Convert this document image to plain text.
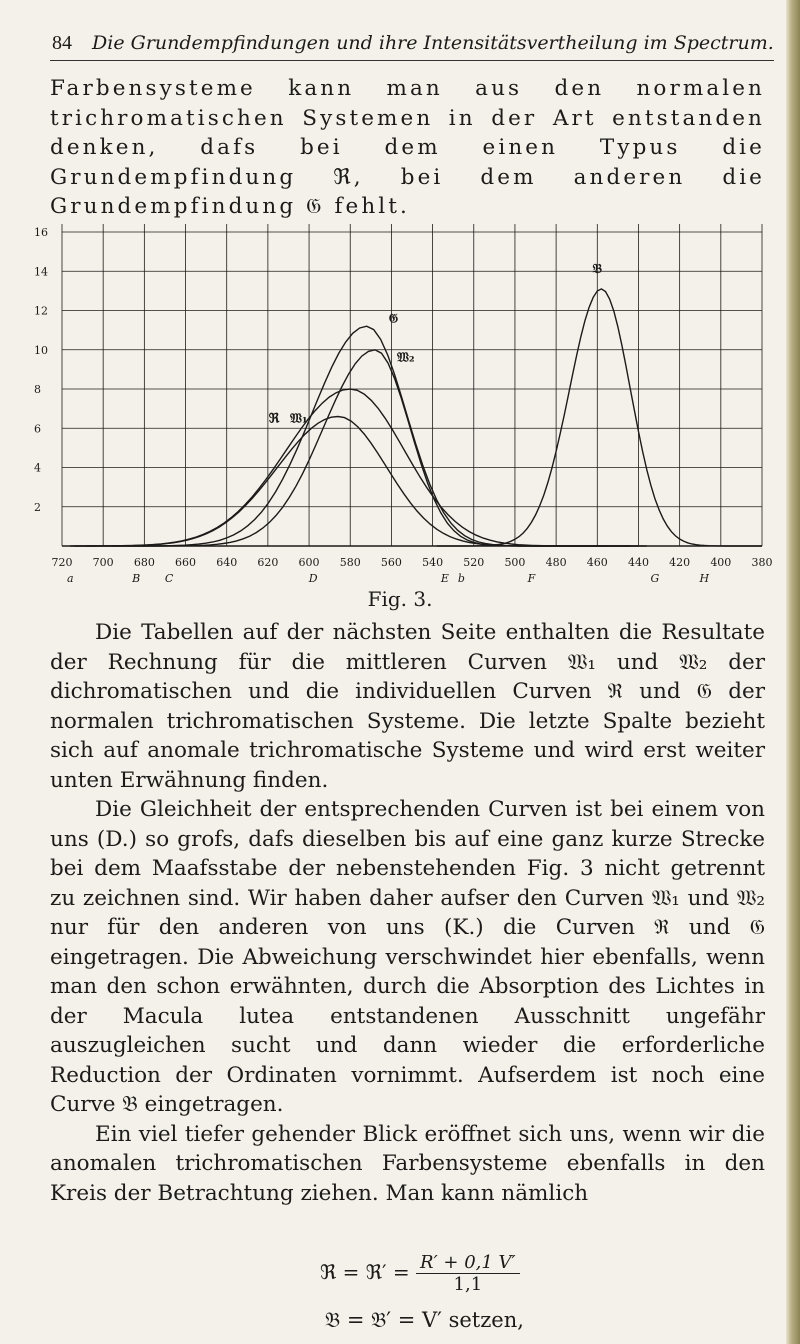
84 Die Grundempfindungen und ihre Intensitätsvertheilung im Spectrum.

Farbensysteme kann man aus den normalen trichromatischen Systemen in der Art entstanden denken, dafs bei dem einen Typus die Grundempfindung ℜ, bei dem anderen die Grundempfindung 𝔊 fehlt.

16
14
12
10
8
6
4
2
720 700 680 660 640 620 600 580 560 540 520 500 480 460 440 420 400 380
a	B C	D	E b	F	G	H
𝔅
𝔊
𝔚₂
ℜ 𝔚₁
Fig. 3.
Die Tabellen auf der nächsten Seite enthalten die Resultate der Rechnung für die mittleren Curven 𝔚₁ und 𝔚₂ der dichromatischen und die individuellen Curven ℜ und 𝔊 der normalen trichromatischen Systeme. Die letzte Spalte bezieht sich auf anomale trichromatische Systeme und wird erst weiter unten Erwähnung finden.
Die Gleichheit der entsprechenden Curven ist bei einem von uns (D.) so grofs, dafs dieselben bis auf eine ganz kurze Strecke bei dem Maafsstabe der nebenstehenden Fig. 3 nicht getrennt zu zeichnen sind. Wir haben daher aufser den Curven 𝔚₁ und 𝔚₂ nur für den anderen von uns (K.) die Curven ℜ und 𝔊 eingetragen. Die Abweichung verschwindet hier ebenfalls, wenn man den schon erwähnten, durch die Absorption des Lichtes in der Macula lutea entstandenen Ausschnitt ungefähr auszugleichen sucht und dann wieder die erforderliche Reduction der Ordinaten vornimmt. Aufserdem ist noch eine Curve 𝔅 eingetragen.
Ein viel tiefer gehender Blick eröffnet sich uns, wenn wir die anomalen trichromatischen Farbensysteme ebenfalls in den Kreis der Betrachtung ziehen. Man kann nämlich
ℜ = ℜ′ = $\frac{R' + 0,1 V'}{1,1}$
𝔅 = 𝔅′ = V′ setzen,
